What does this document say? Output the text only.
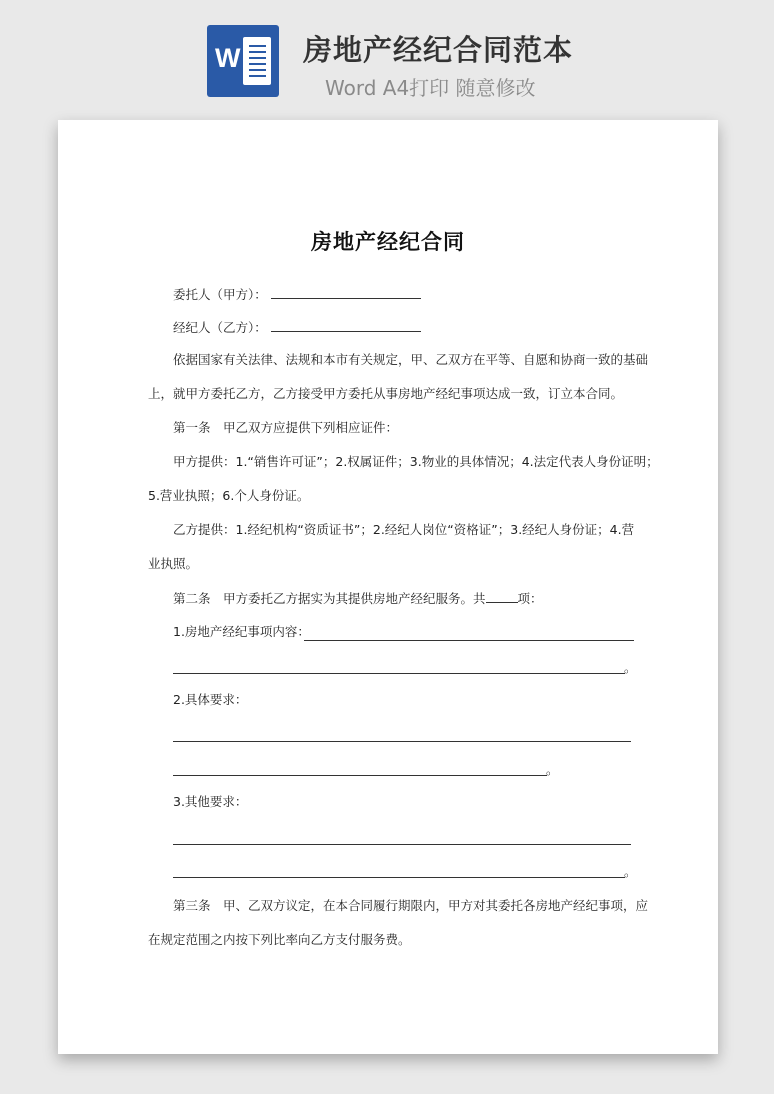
W 房地产经纪合同范本
Word A4打印 随意修改
房地产经纪合同
委托人（甲方）：
经纪人（乙方）：
依据国家有关法律、法规和本市有关规定，甲、乙双方在平等、自愿和协商一致的基础
上，就甲方委托乙方，乙方接受甲方委托从事房地产经纪事项达成一致，订立本合同。
第一条　甲乙双方应提供下列相应证件：
甲方提供：1.“销售许可证”；2.权属证件；3.物业的具体情况；4.法定代表人身份证明；
5.营业执照；6.个人身份证。
乙方提供：1.经纪机构“资质证书”；2.经纪人岗位“资格证”；3.经纪人身份证；4.营
业执照。
第二条　甲方委托乙方据实为其提供房地产经纪服务。共	项：
1.房地产经纪事项内容：
。
2.具体要求：
。
3.其他要求：
。
第三条　甲、乙双方议定，在本合同履行期限内，甲方对其委托各房地产经纪事项，应
在规定范围之内按下列比率向乙方支付服务费。
